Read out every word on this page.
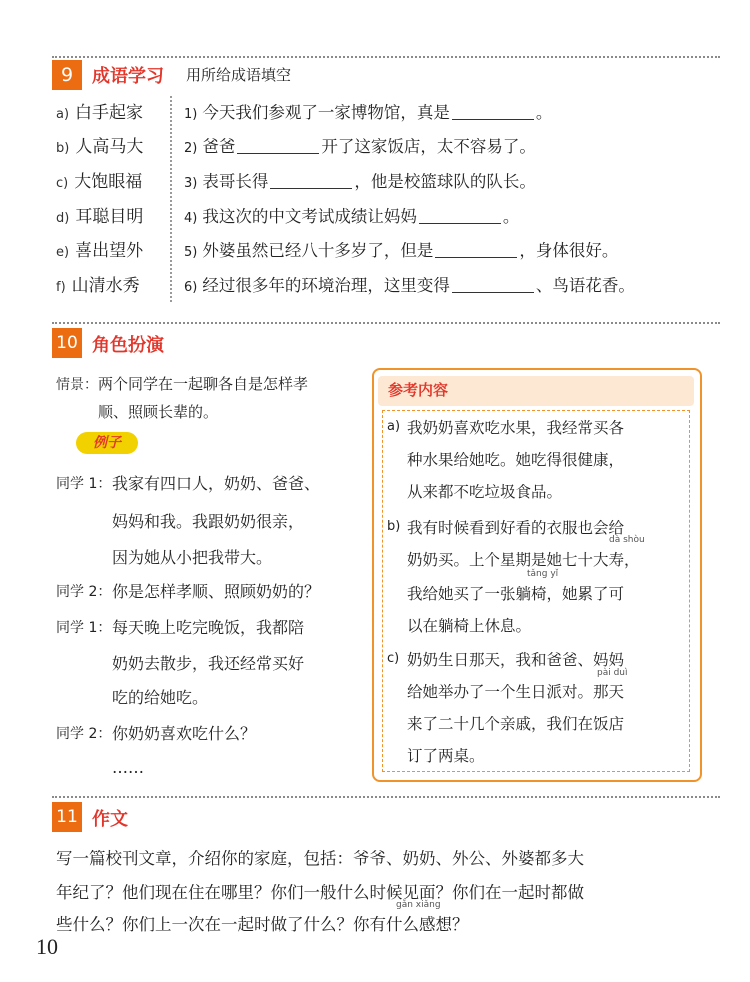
9	成语学习 用所给成语填空
a) 白手起家
b) 人高马大
c) 大饱眼福
d) 耳聪目明
e) 喜出望外
f) 山清水秀
1) 今天我们参观了一家博物馆，真是	。
2) 爸爸	开了这家饭店，太不容易了。
3) 表哥长得	，他是校篮球队的队长。
4) 我这次的中文考试成绩让妈妈	。
5) 外婆虽然已经八十多岁了，但是	，身体很好。
6) 经过很多年的环境治理，这里变得	、鸟语花香。
10 角色扮演
情景：两个同学在一起聊各自是怎样孝
顺、照顾长辈的。
例子
同学 1： 我家有四口人，奶奶、爸爸、
妈妈和我。我跟奶奶很亲，
因为她从小把我带大。
同学 2： 你是怎样孝顺、照顾奶奶的？
同学 1： 每天晚上吃完晚饭，我都陪
奶奶去散步，我还经常买好
吃的给她吃。
同学 2： 你奶奶喜欢吃什么？
……
参考内容
a) 我奶奶喜欢吃水果，我经常买各
种水果给她吃。她吃得很健康，
从来都不吃垃圾食品。
b) 我有时候看到好看的衣服也会给
dà shòu
奶奶买。上个星期是她七十大寿，
tǎng yǐ
我给她买了一张躺椅，她累了可
以在躺椅上休息。
c) 奶奶生日那天，我和爸爸、妈妈
pài duì
给她举办了一个生日派对。那天
来了二十几个亲戚，我们在饭店
订了两桌。
11 作文
写一篇校刊文章，介绍你的家庭，包括：爷爷、奶奶、外公、外婆都多大
年纪了？他们现在住在哪里？你们一般什么时候见面？你们在一起时都做
gǎn xiǎng
些什么？你们上一次在一起时做了什么？你有什么感想？
10
